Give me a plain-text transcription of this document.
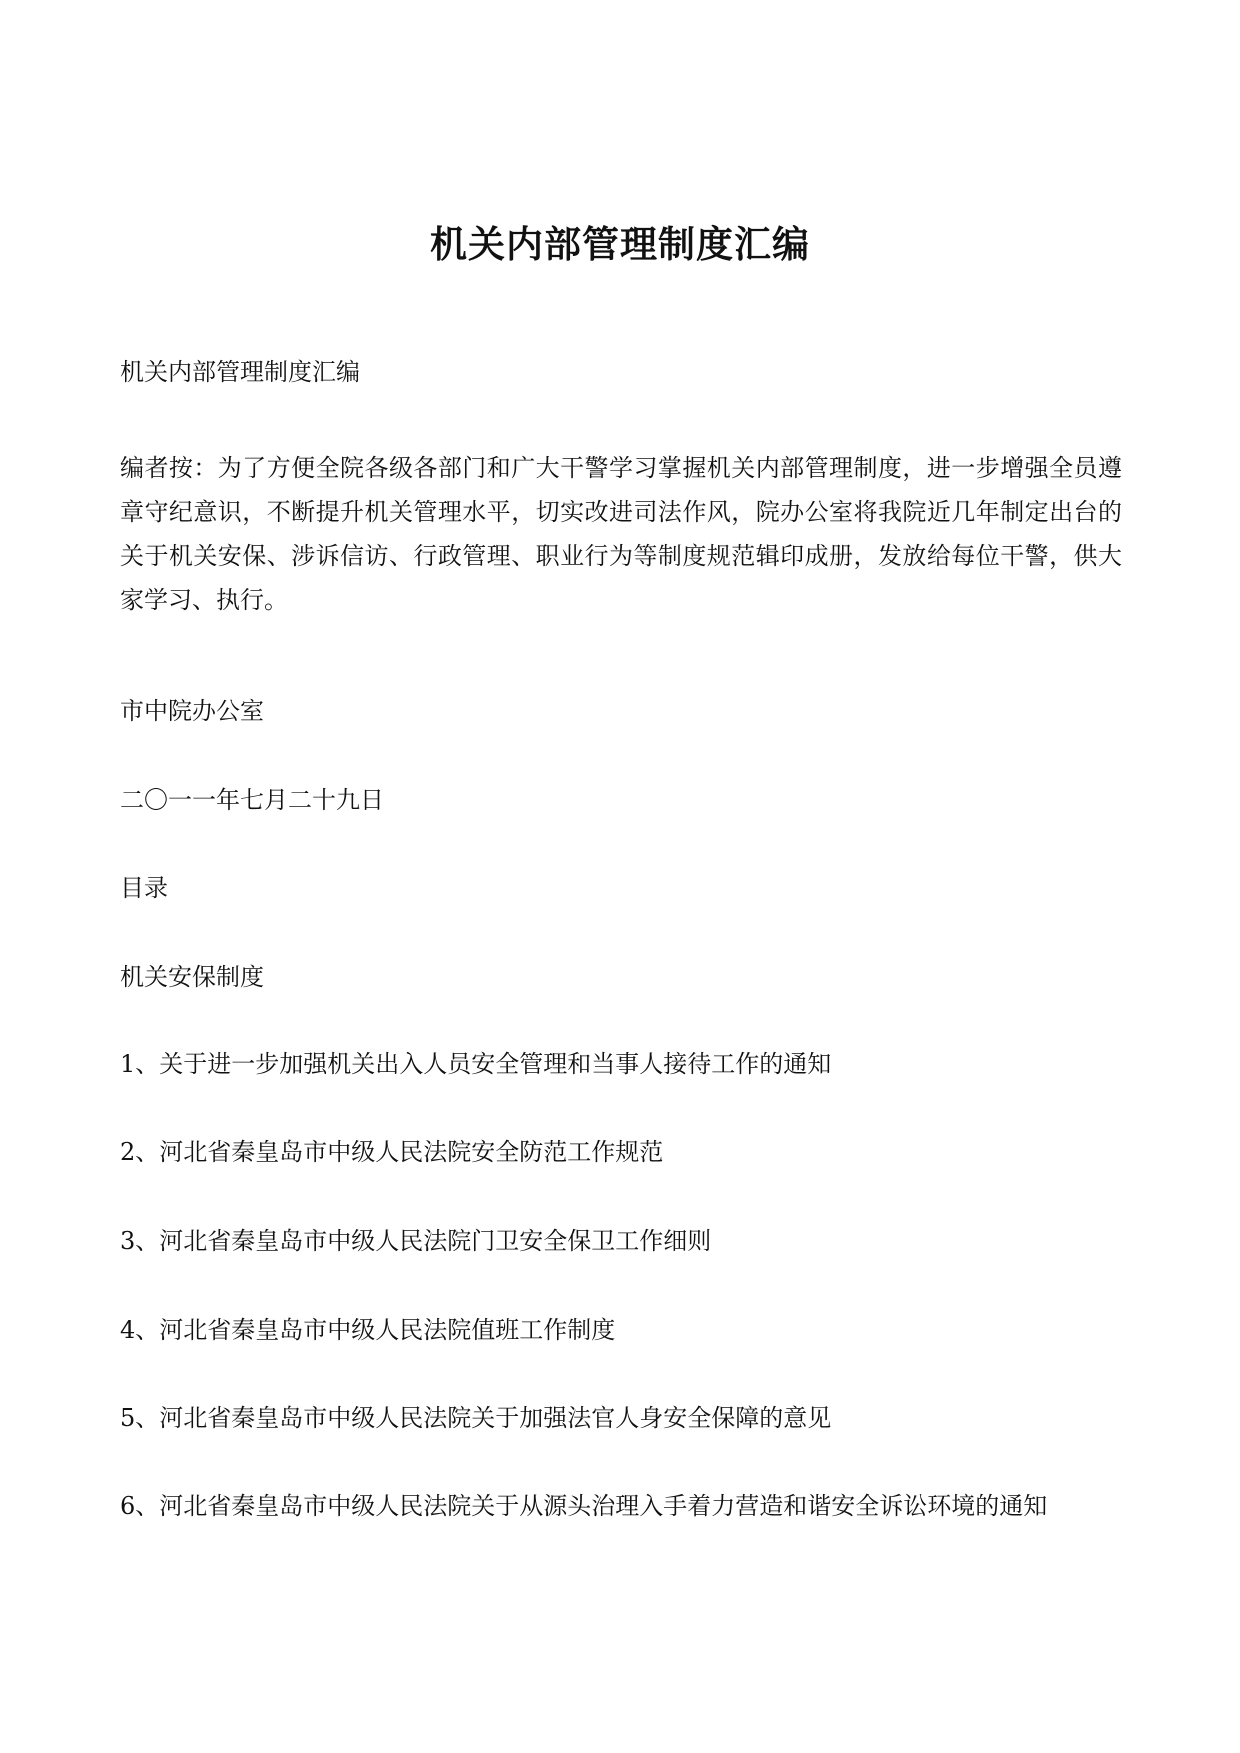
机关内部管理制度汇编
机关内部管理制度汇编
编者按：为了方便全院各级各部门和广大干警学习掌握机关内部管理制度，进一步增强全员遵章守纪意识，不断提升机关管理水平，切实改进司法作风，院办公室将我院近几年制定出台的关于机关安保、涉诉信访、行政管理、职业行为等制度规范辑印成册，发放给每位干警，供大家学习、执行。
市中院办公室
二〇一一年七月二十九日
目录
机关安保制度
1、关于进一步加强机关出入人员安全管理和当事人接待工作的通知
2、河北省秦皇岛市中级人民法院安全防范工作规范
3、河北省秦皇岛市中级人民法院门卫安全保卫工作细则
4、河北省秦皇岛市中级人民法院值班工作制度
5、河北省秦皇岛市中级人民法院关于加强法官人身安全保障的意见
6、河北省秦皇岛市中级人民法院关于从源头治理入手着力营造和谐安全诉讼环境的通知
